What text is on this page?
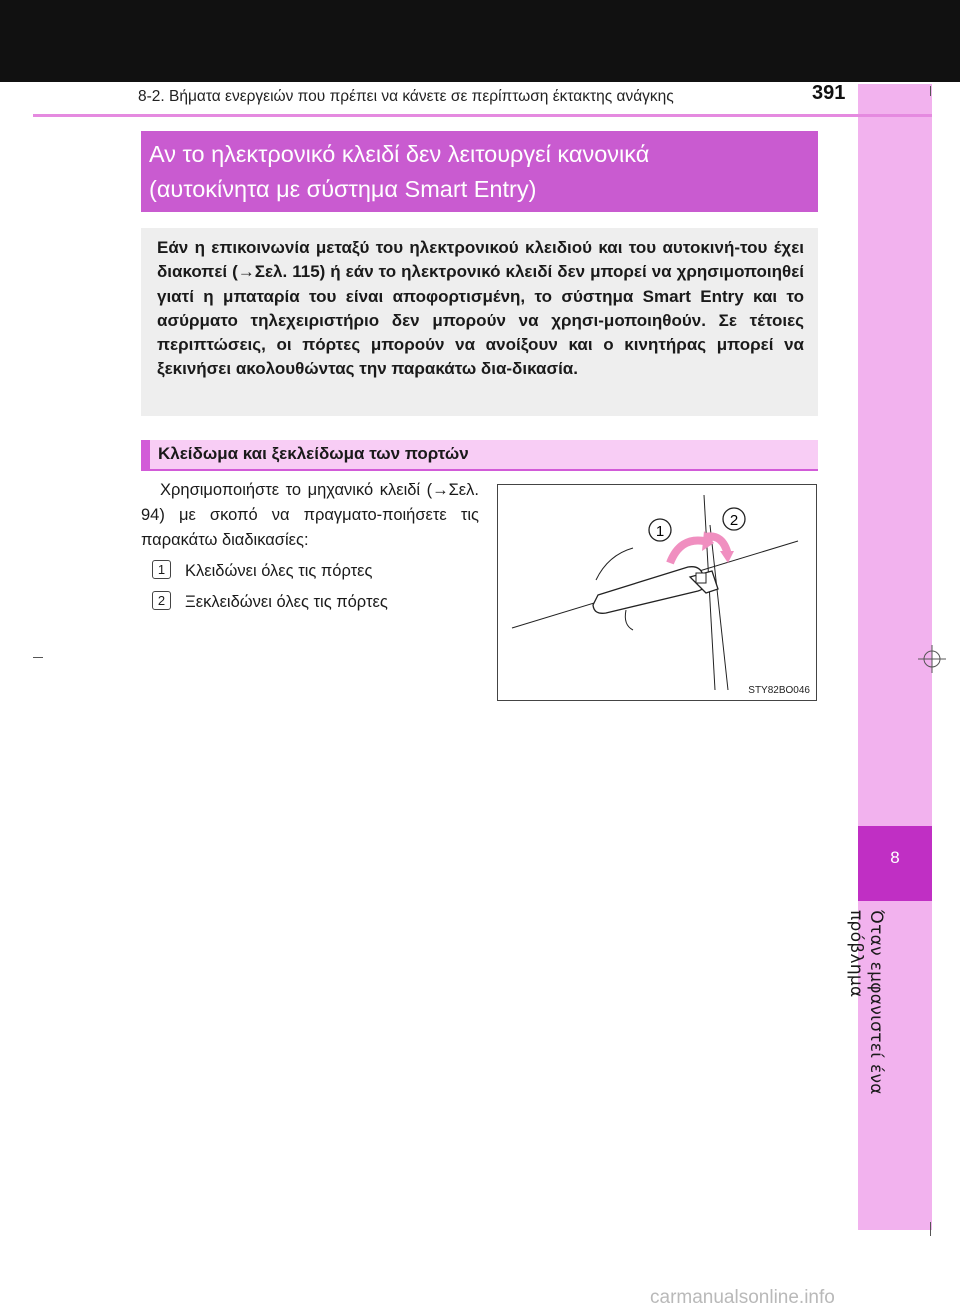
8
Όταν εμφανιστεί ένα πρόβλημα
8-2. Βήματα ενεργειών που πρέπει να κάνετε σε περίπτωση έκτακτης ανάγκης	391
Αν το ηλεκτρονικό κλειδί δεν λειτουργεί κανονικά
(αυτοκίνητα με σύστημα Smart Entry)
Εάν η επικοινωνία μεταξύ του ηλεκτρονικού κλειδιού και του αυτοκινή-του έχει διακοπεί (→Σελ. 115) ή εάν το ηλεκτρονικό κλειδί δεν μπορεί να χρησιμοποιηθεί γιατί η μπαταρία του είναι αποφορτισμένη, το σύστημα Smart Entry και το ασύρματο τηλεχειριστήριο δεν μπορούν να χρησι-μοποιηθούν. Σε τέτοιες περιπτώσεις, οι πόρτες μπορούν να ανοίξουν και ο κινητήρας μπορεί να ξεκινήσει ακολουθώντας την παρακάτω δια-δικασία.
Κλείδωμα και ξεκλείδωμα των πορτών
Χρησιμοποιήστε το μηχανικό κλειδί (→Σελ. 94) με σκοπό να πραγματο-ποιήσετε τις παρακάτω διαδικασίες:
1 Κλειδώνει όλες τις πόρτες
2 Ξεκλειδώνει όλες τις πόρτες
1
2
STY82BO046
carmanualsonline.info
